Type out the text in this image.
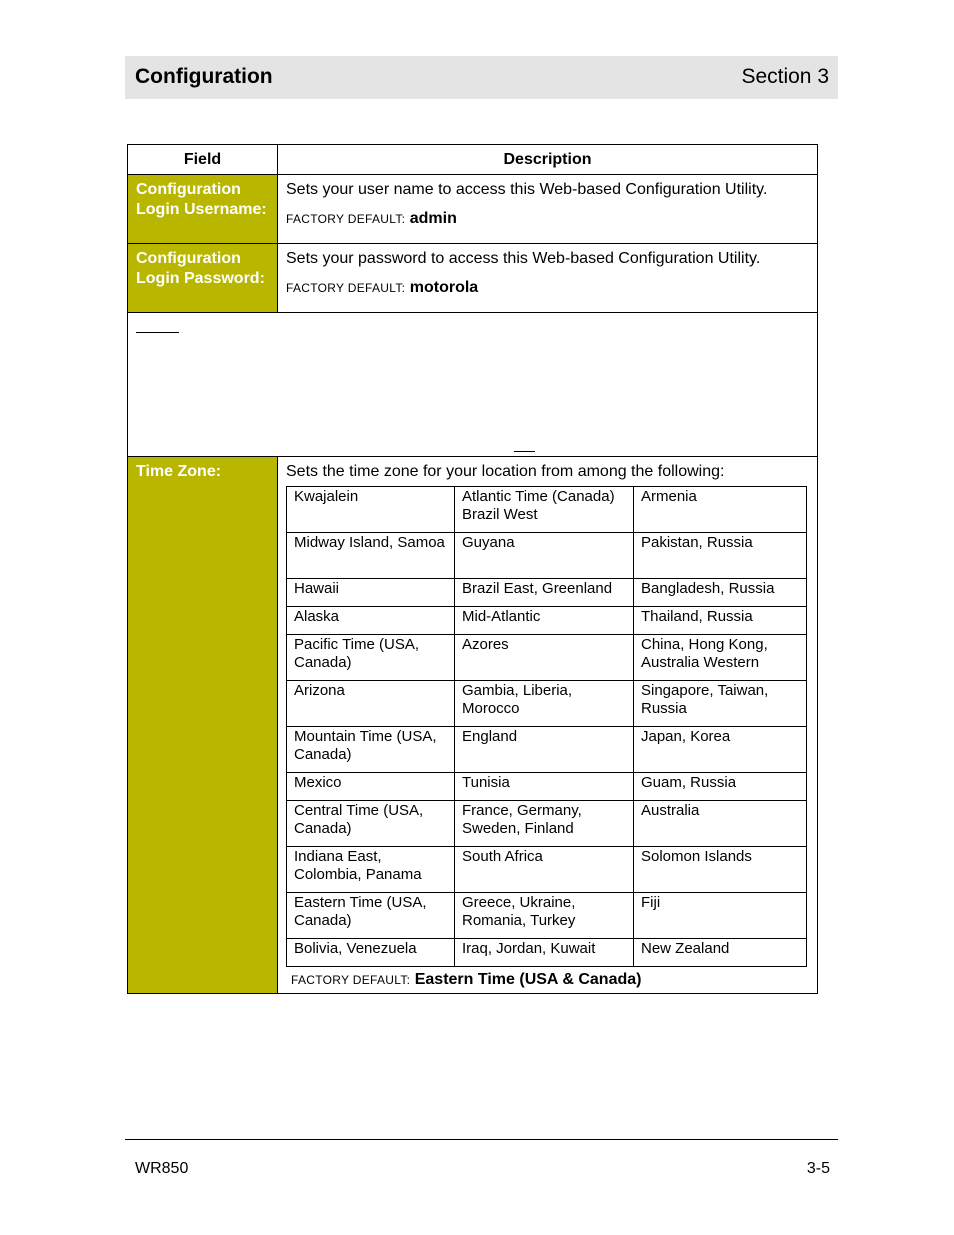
Configuration	Section 3
Field	Description
Configuration Login Username:	
Sets your user name to access this Web-based Configuration Utility.
FACTORY DEFAULT: admin

Configuration Login Password:	
Sets your password to access this Web-based Configuration Utility.
FACTORY DEFAULT: motorola

Time Zone:	Sets the time zone for your location from among the following:
Kwajalein	Atlantic Time (Canada) Brazil West	Armenia
Midway Island, Samoa	Guyana	Pakistan, Russia
Hawaii	Brazil East, Greenland	Bangladesh, Russia
Alaska	Mid-Atlantic	Thailand, Russia
Pacific Time (USA, Canada)	Azores	China, Hong Kong, Australia Western
Arizona	Gambia, Liberia, Morocco	Singapore, Taiwan, Russia
Mountain Time (USA, Canada)	England	Japan, Korea
Mexico	Tunisia	Guam, Russia
Central Time (USA, Canada)	France, Germany, Sweden, Finland	Australia
Indiana East, Colombia, Panama	South Africa	Solomon Islands
Eastern Time (USA, Canada)	Greece, Ukraine, Romania, Turkey	Fiji
Bolivia, Venezuela	Iraq, Jordan, Kuwait	New Zealand
FACTORY DEFAULT: Eastern Time (USA & Canada)
WR850	3-5
